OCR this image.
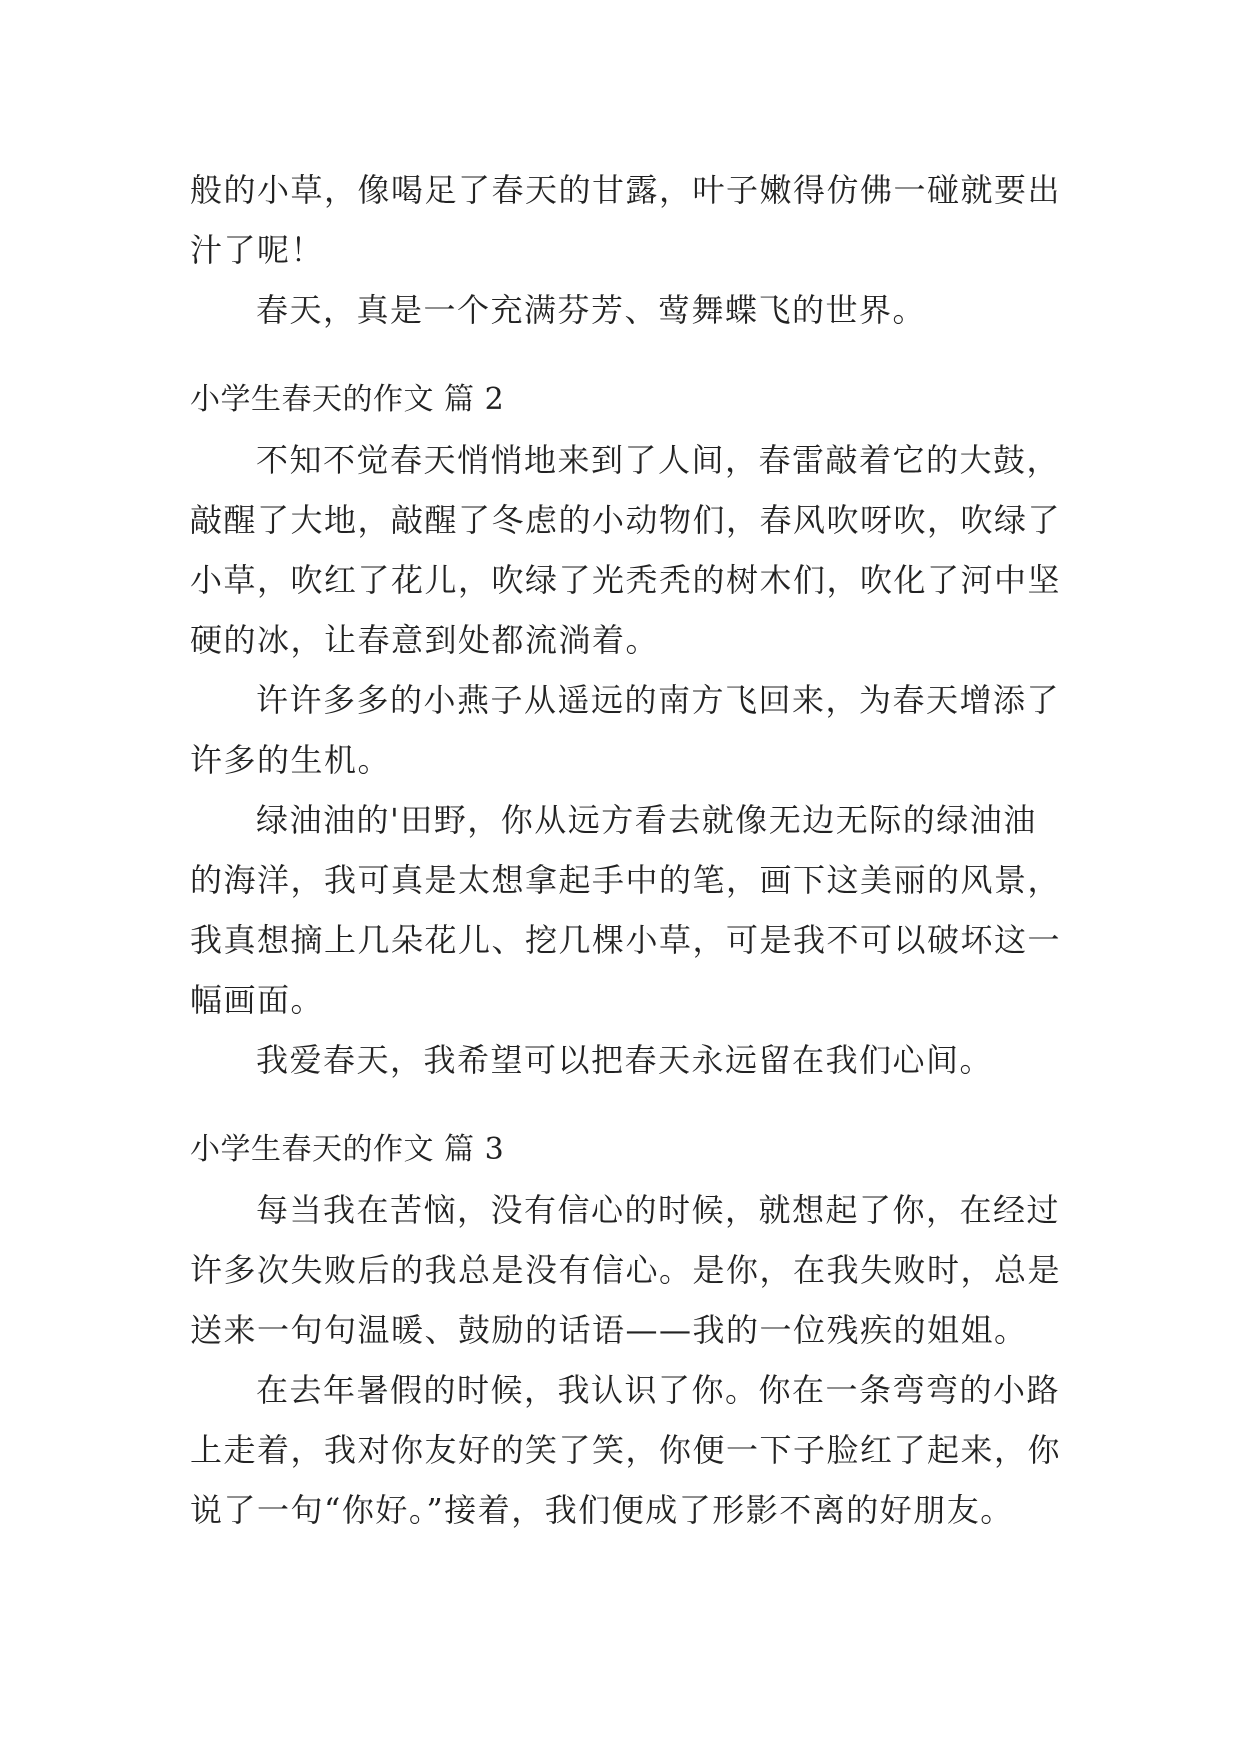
般的小草，像喝足了春天的甘露，叶子嫩得仿佛一碰就要出
汁了呢！
春天，真是一个充满芬芳、莺舞蝶飞的世界。
小学生春天的作文 篇 2
不知不觉春天悄悄地来到了人间，春雷敲着它的大鼓，
敲醒了大地，敲醒了冬虑的小动物们，春风吹呀吹，吹绿了
小草，吹红了花儿，吹绿了光秃秃的树木们，吹化了河中坚
硬的冰，让春意到处都流淌着。
许许多多的小燕子从遥远的南方飞回来，为春天增添了
许多的生机。
绿油油的'田野，你从远方看去就像无边无际的绿油油
的海洋，我可真是太想拿起手中的笔，画下这美丽的风景，
我真想摘上几朵花儿、挖几棵小草，可是我不可以破坏这一
幅画面。
我爱春天，我希望可以把春天永远留在我们心间。
小学生春天的作文 篇 3
每当我在苦恼，没有信心的时候，就想起了你，在经过
许多次失败后的我总是没有信心。是你，在我失败时，总是
送来一句句温暖、鼓励的话语——我的一位残疾的姐姐。
在去年暑假的时候，我认识了你。你在一条弯弯的小路
上走着，我对你友好的笑了笑，你便一下子脸红了起来，你
说了一句“你好。”接着，我们便成了形影不离的好朋友。
